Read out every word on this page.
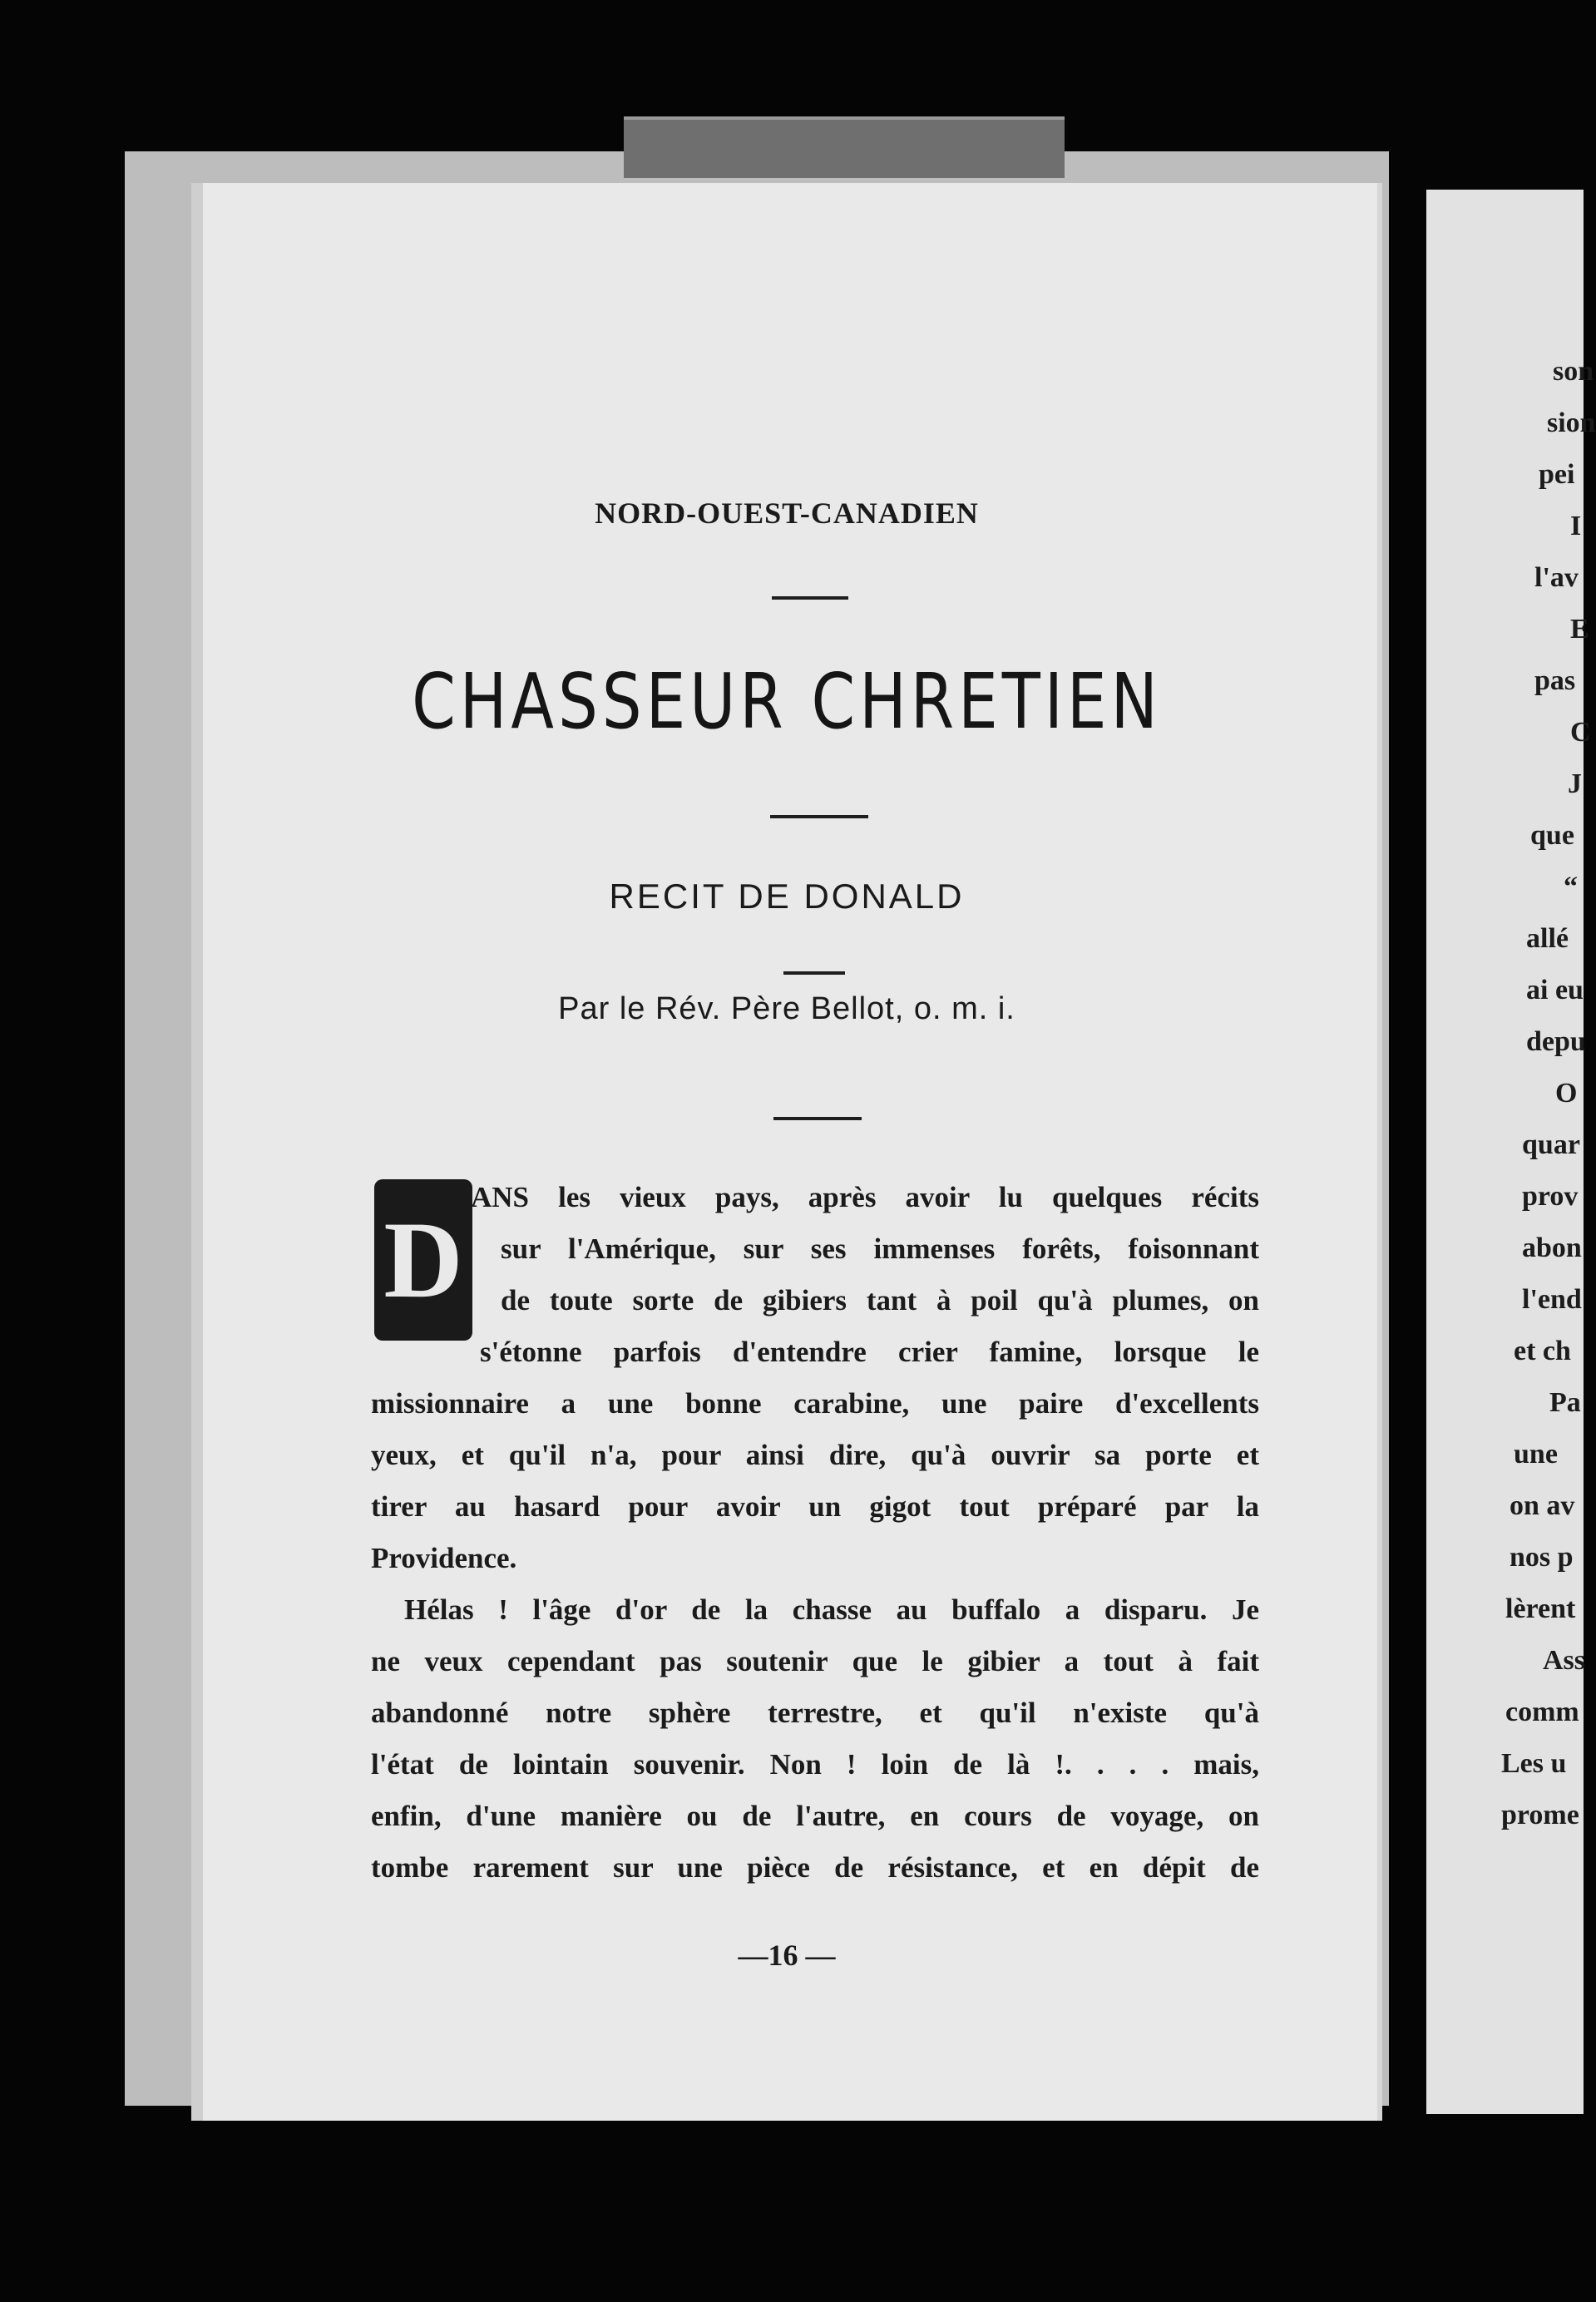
son
sion
pei
I
l'av
E
pas
C
J
que
“
allé
ai eu
depu
O
quar
prov
abon
l'end
et ch
Pa
une
on av
nos p
lèrent
Ass
comm
Les u
prome
NORD-OUEST-CANADIEN
CHASSEUR CHRETIEN
RECIT DE DONALD
Par le Rév. Père Bellot, o. m. i.
D
ANS les vieux pays, après avoir lu quelques récits
sur l'Amérique, sur ses immenses forêts, foisonnant
de toute sorte de gibiers tant à poil qu'à plumes, on
s'étonne parfois d'entendre crier famine, lorsque le
missionnaire a une bonne carabine, une paire d'excellents
yeux, et qu'il n'a, pour ainsi dire, qu'à ouvrir sa porte et
tirer au hasard pour avoir un gigot tout préparé par la
Providence.
Hélas ! l'âge d'or de la chasse au buffalo a disparu. Je
ne veux cependant pas soutenir que le gibier a tout à fait
abandonné notre sphère terrestre, et qu'il n'existe qu'à
l'état de lointain souvenir. Non ! loin de là !. . . . mais,
enfin, d'une manière ou de l'autre, en cours de voyage, on
tombe rarement sur une pièce de résistance, et en dépit de
—16 —
